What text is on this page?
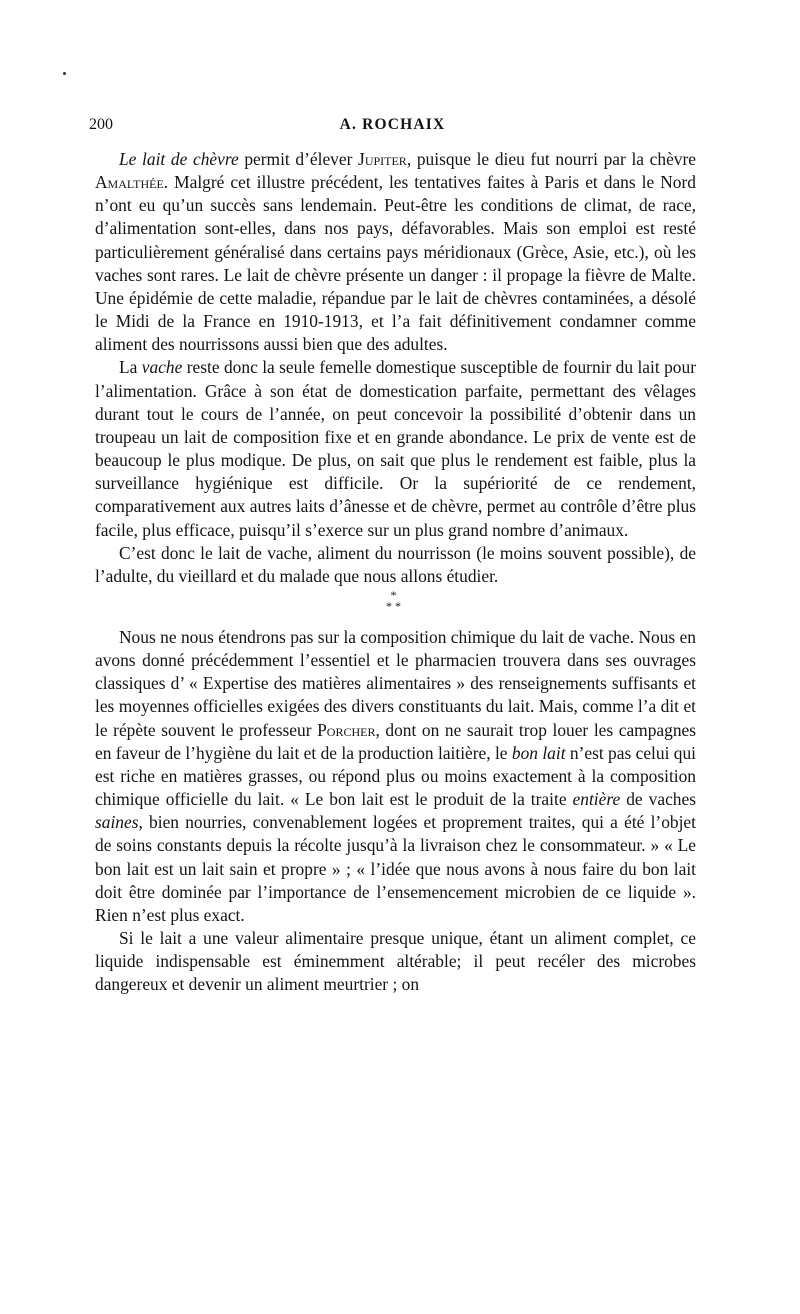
200	A. ROCHAIX

Le lait de chèvre permit d’élever Jupiter, puisque le dieu fut nourri par la chèvre Amalthée. Malgré cet illustre précédent, les tentatives faites à Paris et dans le Nord n’ont eu qu’un succès sans lendemain. Peut-être les conditions de climat, de race, d’alimentation sont-elles, dans nos pays, défavorables. Mais son emploi est resté particulièrement généralisé dans certains pays méridionaux (Grèce, Asie, etc.), où les vaches sont rares. Le lait de chèvre présente un danger : il propage la fièvre de Malte. Une épidémie de cette maladie, répandue par le lait de chèvres contaminées, a désolé le Midi de la France en 1910-1913, et l’a fait définitivement condamner comme aliment des nourrissons aussi bien que des adultes.

La vache reste donc la seule femelle domestique susceptible de fournir du lait pour l’alimentation. Grâce à son état de domestication parfaite, permettant des vêlages durant tout le cours de l’année, on peut concevoir la possibilité d’obtenir dans un troupeau un lait de composition fixe et en grande abondance. Le prix de vente est de beaucoup le plus modique. De plus, on sait que plus le rendement est faible, plus la surveillance hygiénique est difficile. Or la supériorité de ce rendement, comparativement aux autres laits d’ânesse et de chèvre, permet au contrôle d’être plus facile, plus efficace, puisqu’il s’exerce sur un plus grand nombre d’animaux.

C’est donc le lait de vache, aliment du nourrisson (le moins souvent possible), de l’adulte, du vieillard et du malade que nous allons étudier.

*
* *

Nous ne nous étendrons pas sur la composition chimique du lait de vache. Nous en avons donné précédemment l’essentiel et le pharmacien trouvera dans ses ouvrages classiques d’ « Expertise des matières alimentaires » des renseignements suffisants et les moyennes officielles exigées des divers constituants du lait. Mais, comme l’a dit et le répète souvent le professeur Porcher, dont on ne saurait trop louer les campagnes en faveur de l’hygiène du lait et de la production laitière, le bon lait n’est pas celui qui est riche en matières grasses, ou répond plus ou moins exactement à la composition chimique officielle du lait. « Le bon lait est le produit de la traite entière de vaches saines, bien nourries, convenablement logées et proprement traites, qui a été l’objet de soins constants depuis la récolte jusqu’à la livraison chez le consommateur. » « Le bon lait est un lait sain et propre » ; « l’idée que nous avons à nous faire du bon lait doit être dominée par l’importance de l’ensemencement microbien de ce liquide ». Rien n’est plus exact.

Si le lait a une valeur alimentaire presque unique, étant un aliment complet, ce liquide indispensable est éminemment altérable; il peut recéler des microbes dangereux et devenir un aliment meurtrier ; on
